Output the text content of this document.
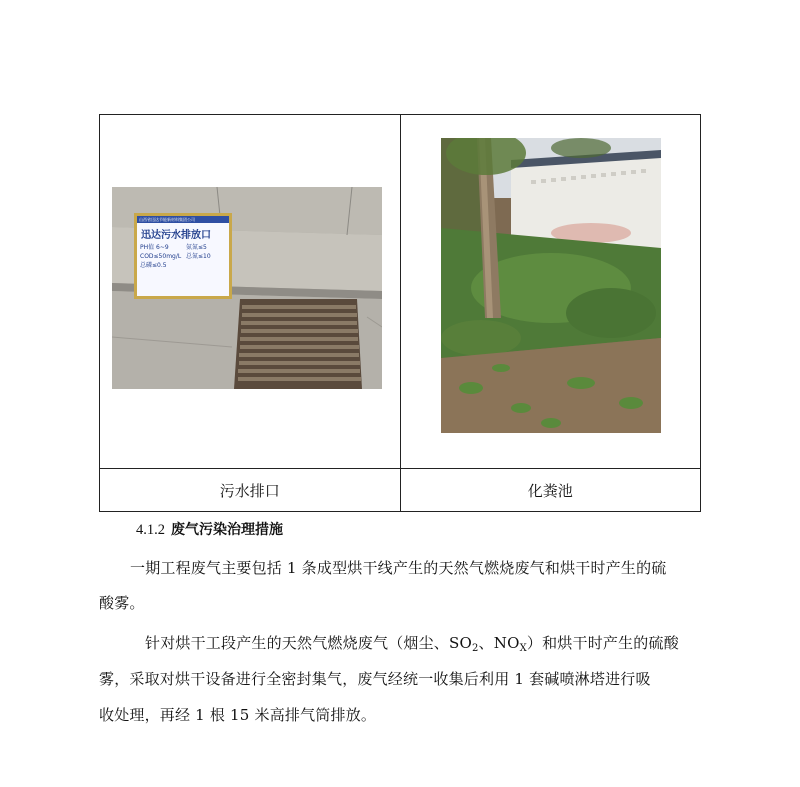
山西省迅达节能新材料集团公司
迅达污水排放口
PH值 6~9 氨氮≤5
COD≤50mg/L 总氮≤10
总磷≤0.5

污水排口	化粪池
4.1.2 废气污染治理措施
一期工程废气主要包括 1 条成型烘干线产生的天然气燃烧废气和烘干时产生的硫
酸雾。
针对烘干工段产生的天然气燃烧废气（烟尘、$SO_2$、$NO_X$）和烘干时产生的硫酸
雾，采取对烘干设备进行全密封集气，废气经统一收集后利用 1 套碱喷淋塔进行吸
收处理，再经 1 根 15 米高排气筒排放。
